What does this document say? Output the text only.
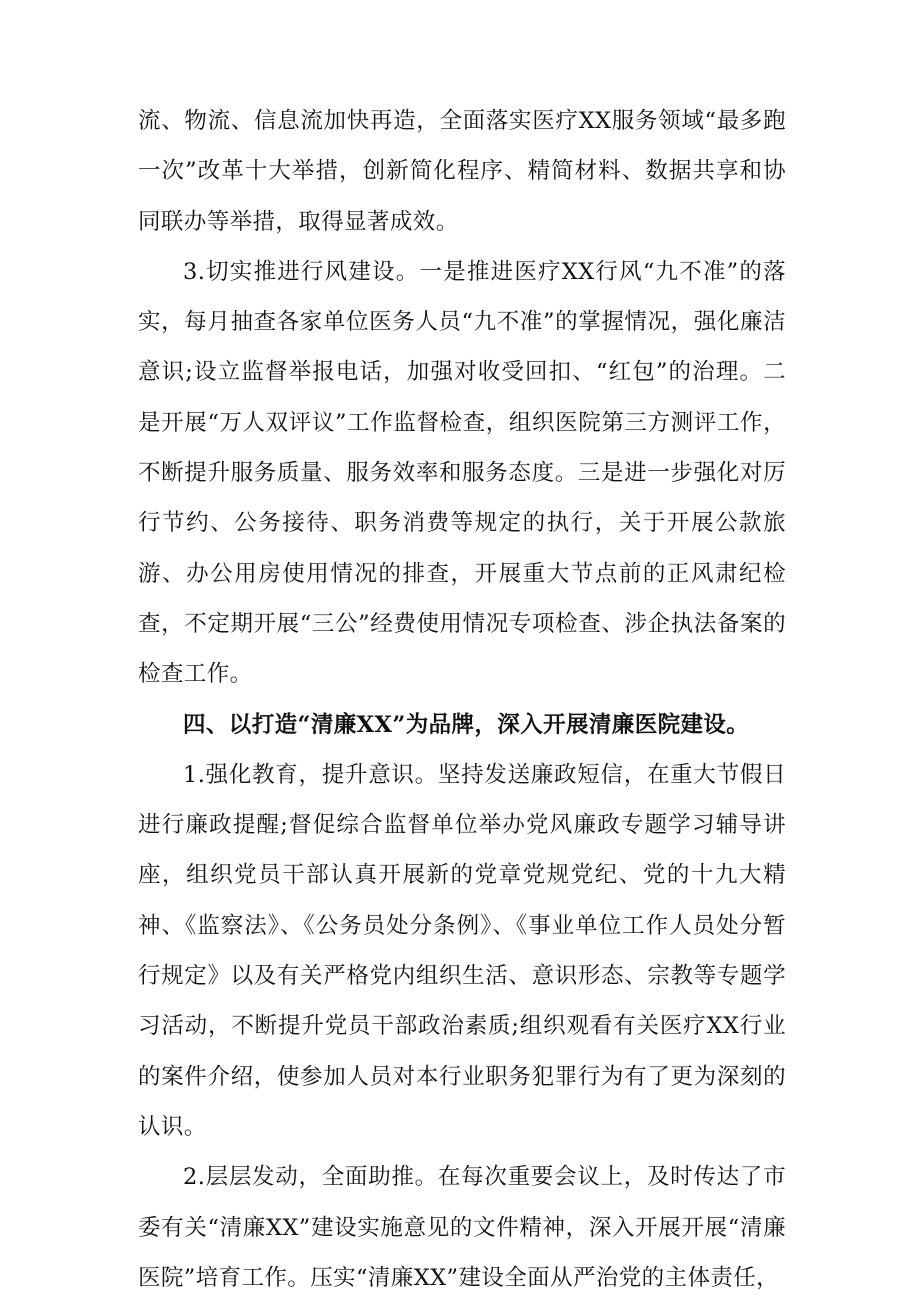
流、物流、信息流加快再造，全面落实医疗XX服务领域“最多跑一次”改革十大举措，创新简化程序、精简材料、数据共享和协同联办等举措，取得显著成效。

3.切实推进行风建设。一是推进医疗XX行风“九不准”的落实，每月抽查各家单位医务人员“九不准”的掌握情况，强化廉洁意识;设立监督举报电话，加强对收受回扣、“红包”的治理。二是开展“万人双评议”工作监督检查，组织医院第三方测评工作，不断提升服务质量、服务效率和服务态度。三是进一步强化对厉行节约、公务接待、职务消费等规定的执行，关于开展公款旅游、办公用房使用情况的排查，开展重大节点前的正风肃纪检查，不定期开展“三公”经费使用情况专项检查、涉企执法备案的检查工作。

四、以打造“清廉XX”为品牌，深入开展清廉医院建设。

1.强化教育，提升意识。坚持发送廉政短信，在重大节假日进行廉政提醒;督促综合监督单位举办党风廉政专题学习辅导讲座，组织党员干部认真开展新的党章党规党纪、党的十九大精神、《监察法》、《公务员处分条例》、《事业单位工作人员处分暂行规定》以及有关严格党内组织生活、意识形态、宗教等专题学习活动，不断提升党员干部政治素质;组织观看有关医疗XX行业的案件介绍，使参加人员对本行业职务犯罪行为有了更为深刻的认识。

2.层层发动，全面助推。在每次重要会议上，及时传达了市委有关“清廉XX”建设实施意见的文件精神，深入开展开展“清廉医院”培育工作。压实“清廉XX”建设全面从严治党的主体责任，
